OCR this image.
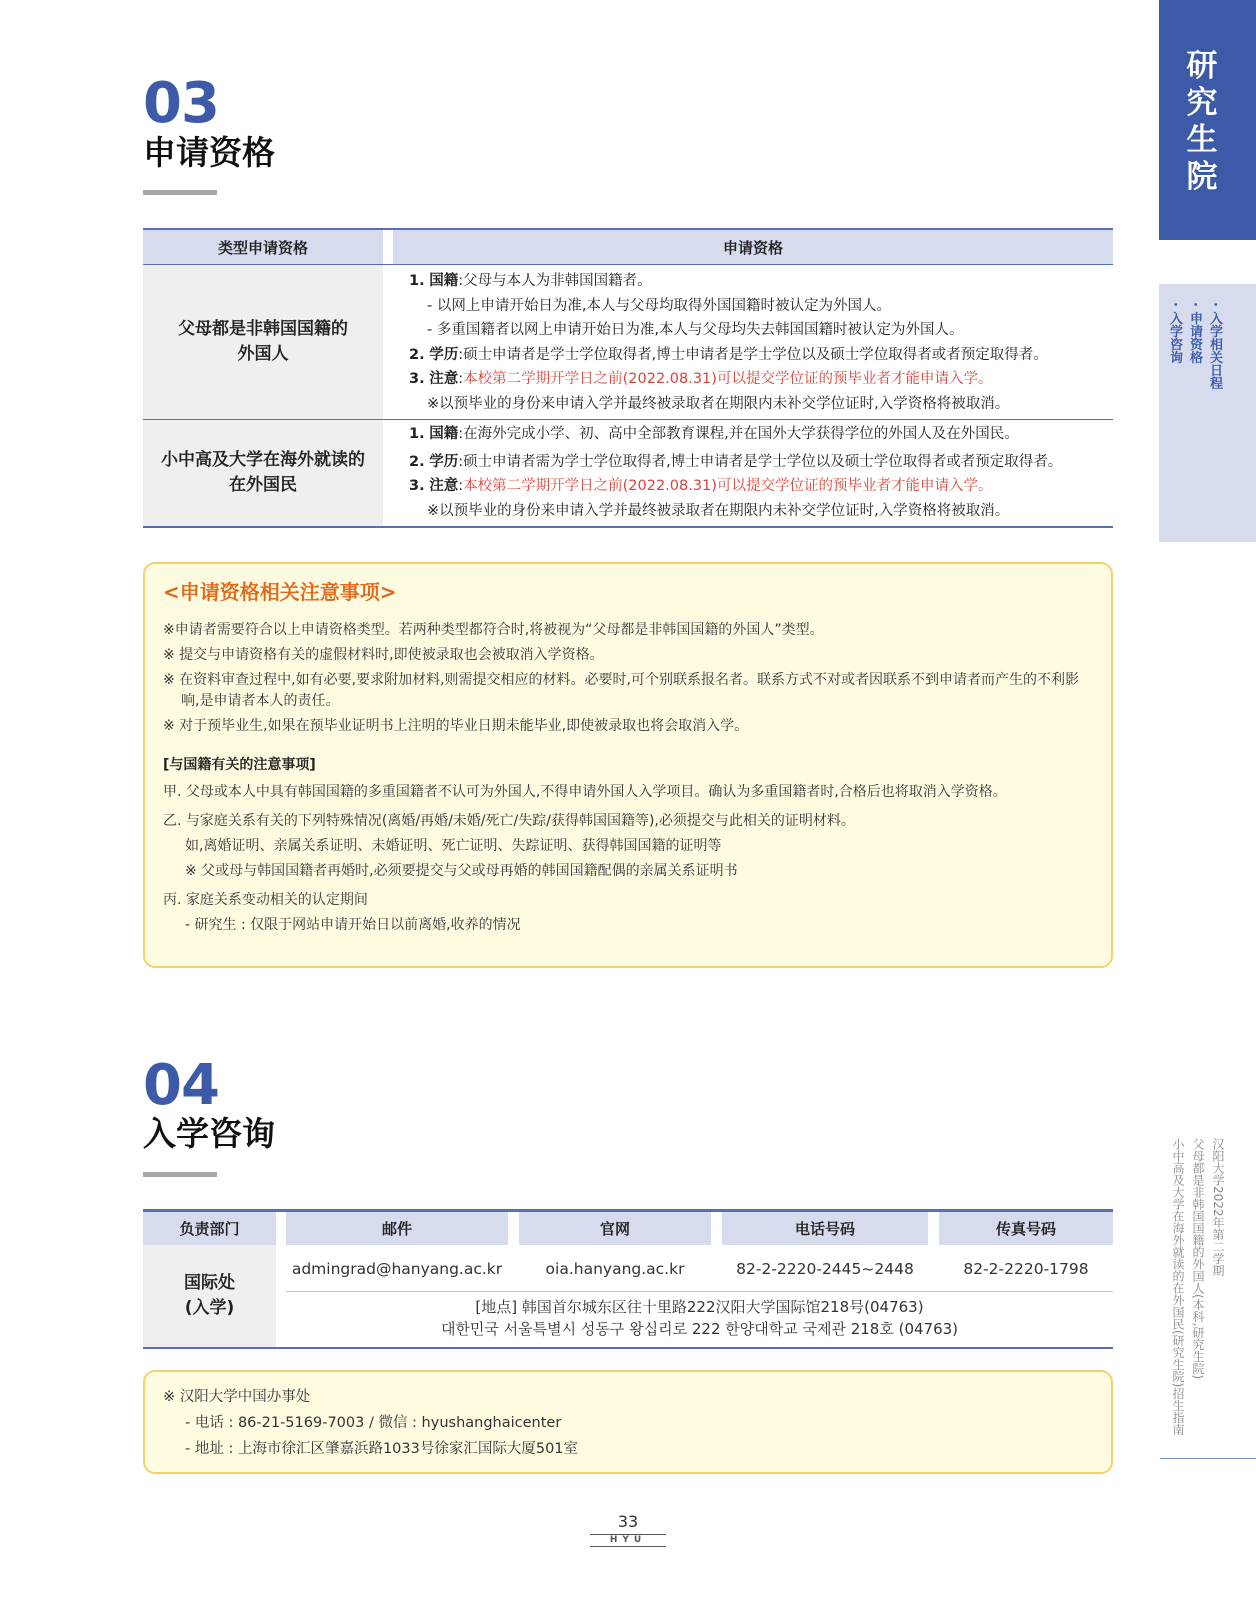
研究生院
· 入学相关日程
· 申请资格
· 入学咨询
汉阳大学2022年第二学期
父母都是非韩国国籍的外国人(本科,研究生院)
小中高及大学在海外就读的在外国民(研究生院)招生指南
03
申请资格
类型申请资格	申请资格
父母都是非韩国国籍的
外国人
1. 国籍:父母与本人为非韩国国籍者。
- 以网上申请开始日为准,本人与父母均取得外国国籍时被认定为外国人。
- 多重国籍者以网上申请开始日为准,本人与父母均失去韩国国籍时被认定为外国人。
2. 学历:硕士申请者是学士学位取得者,博士申请者是学士学位以及硕士学位取得者或者预定取得者。
3. 注意:本校第二学期开学日之前(2022.08.31)可以提交学位证的预毕业者才能申请入学。
※以预毕业的身份来申请入学并最终被录取者在期限内未补交学位证时,入学资格将被取消。
小中高及大学在海外就读的
在外国民
1. 国籍:在海外完成小学、初、高中全部教育课程,并在国外大学获得学位的外国人及在外国民。
2. 学历:硕士申请者需为学士学位取得者,博士申请者是学士学位以及硕士学位取得者或者预定取得者。
3. 注意:本校第二学期开学日之前(2022.08.31)可以提交学位证的预毕业者才能申请入学。
※以预毕业的身份来申请入学并最终被录取者在期限内未补交学位证时,入学资格将被取消。
<申请资格相关注意事项>
※申请者需要符合以上申请资格类型。若两种类型都符合时,将被视为“父母都是非韩国国籍的外国人”类型。
※ 提交与申请资格有关的虚假材料时,即使被录取也会被取消入学资格。
※ 在资料审查过程中,如有必要,要求附加材料,则需提交相应的材料。必要时,可个别联系报名者。联系方式不对或者因联系不到申请者而产生的不利影响,是申请者本人的责任。
※ 对于预毕业生,如果在预毕业证明书上注明的毕业日期未能毕业,即使被录取也将会取消入学。
[与国籍有关的注意事项]
甲. 父母或本人中具有韩国国籍的多重国籍者不认可为外国人,不得申请外国人入学项目。确认为多重国籍者时,合格后也将取消入学资格。
乙. 与家庭关系有关的下列特殊情况(离婚/再婚/未婚/死亡/失踪/获得韩国国籍等),必须提交与此相关的证明材料。
如,离婚证明、亲属关系证明、未婚证明、死亡证明、失踪证明、获得韩国国籍的证明等
※ 父或母与韩国国籍者再婚时,必须要提交与父或母再婚的韩国国籍配偶的亲属关系证明书
丙. 家庭关系变动相关的认定期间
- 研究生 : 仅限于网站申请开始日以前离婚,收养的情况
04
入学咨询
负责部门	邮件	官网	电话号码	传真号码
国际处
(入学)
admingrad@hanyang.ac.kr	oia.hanyang.ac.kr	82-2-2220-2445~2448	82-2-2220-1798
[地点] 韩国首尔城东区往十里路222汉阳大学国际馆218号(04763)
대한민국 서울특별시 성동구 왕십리로 222 한양대학교 국제관 218호 (04763)
※ 汉阳大学中国办事处
- 电话 : 86-21-5169-7003 / 微信 : hyushanghaicenter
- 地址 : 上海市徐汇区肇嘉浜路1033号徐家汇国际大厦501室
33
HYU
